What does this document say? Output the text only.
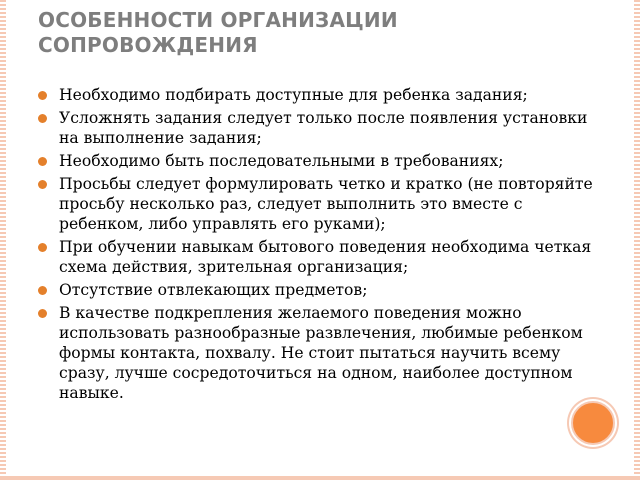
ОСОБЕННОСТИ ОРГАНИЗАЦИИ СОПРОВОЖДЕНИЯ
Необходимо подбирать доступные для ребенка задания;
Усложнять задания следует только после появления установки на выполнение задания;
Необходимо быть последовательными в требованиях;
Просьбы следует формулировать четко и кратко (не повторяйте просьбу несколько раз, следует выполнить это вместе с ребенком, либо управлять его руками);
При обучении навыкам бытового поведения необходима четкая схема действия, зрительная организация;
Отсутствие отвлекающих предметов;
В качестве подкрепления желаемого поведения можно использовать разнообразные развлечения, любимые ребенком формы контакта, похвалу. Не стоит пытаться научить всему сразу, лучше сосредоточиться на одном, наиболее доступном навыке.
